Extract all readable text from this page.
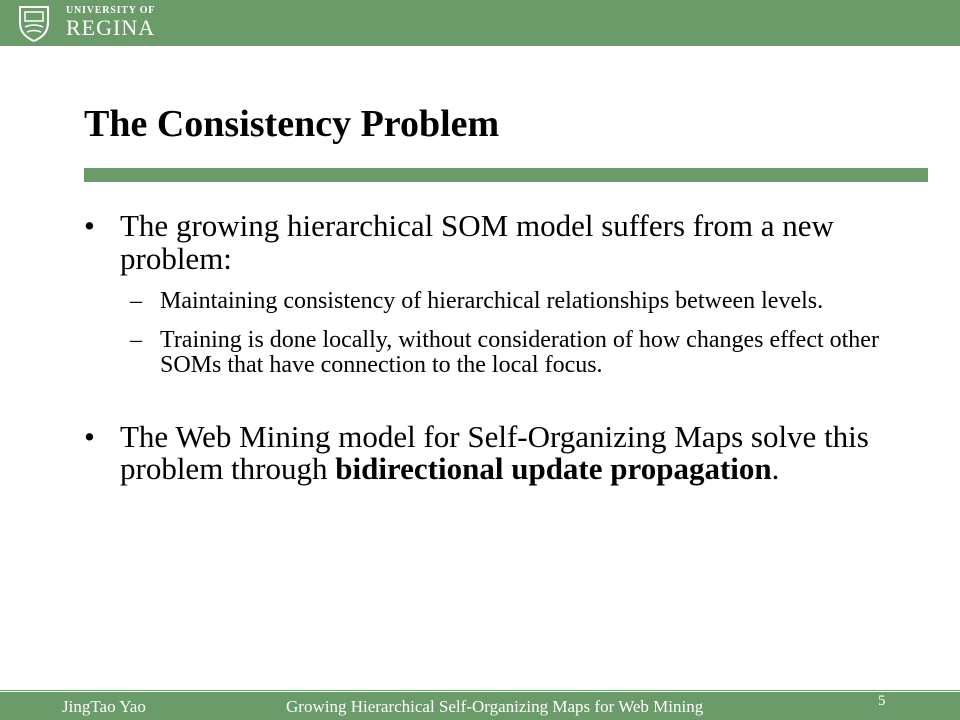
UNIVERSITY OF
REGINA
The Consistency Problem

• The growing hierarchical SOM model suffers from a new problem:

– Maintaining consistency of hierarchical relationships between levels.

– Training is done locally, without consideration of how changes effect other SOMs that have connection to the local focus.

• The Web Mining model for Self-Organizing Maps solve this problem through bidirectional update propagation.

JingTao Yao	Growing Hierarchical Self-Organizing Maps for Web Mining	5
